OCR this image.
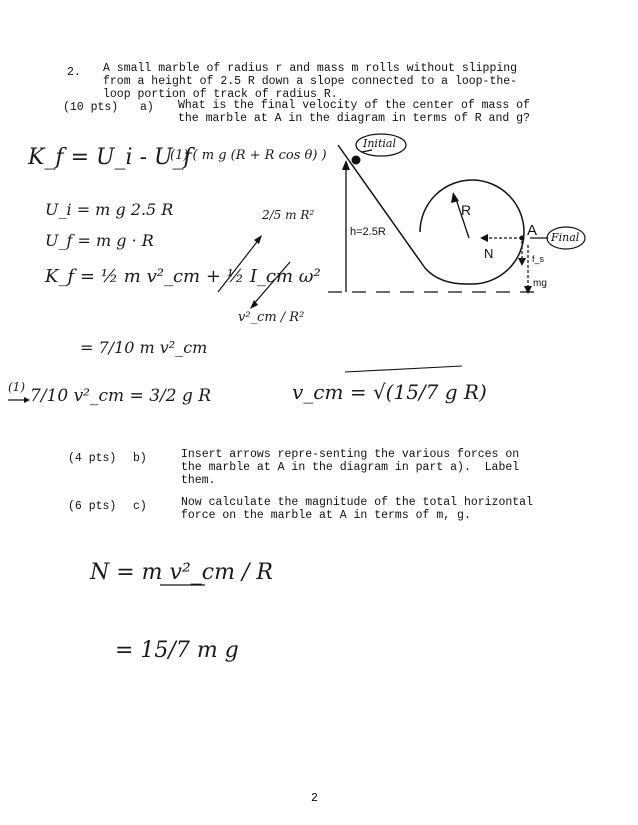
2. A small marble of radius r and mass m rolls without slipping
from a height of 2.5 R down a slope connected to a loop-the-
loop portion of track of radius R.
(10 pts) a) What is the final velocity of the center of mass of
the marble at A in the diagram in terms of R and g?
(4 pts) b)	Insert arrows repre-senting the various forces on
the marble at A in the diagram in part a).  Label
them.
(6 pts) c)	Now calculate the magnitude of the total horizontal
force on the marble at A in terms of m, g.
K_f = U_i - U_f
(1) ( m g (R + R cos θ) )
U_i = m g 2.5 R
U_f = m g · R
K_f = ½ m v²_cm + ½ I_cm ω²
2/5 m R²
v²_cm / R²
= 7/10 m v²_cm
(1) 7/10 v²_cm = 3/2 g R	v_cm = √(15/7 g R)
N = m v²_cm / R
= 15/7 m g
Initial
h=2.5R
R
A Final
N	f_s
mg
2
